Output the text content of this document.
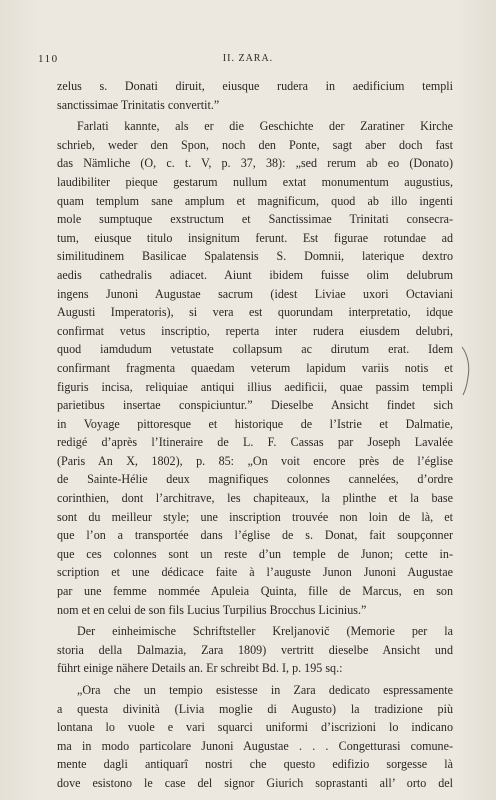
110	II. ZARA.
zelus s. Donati diruit, eiusque rudera in aedificium templi
sanctissimae Trinitatis convertit.”
Farlati kannte, als er die Geschichte der Zaratiner Kirche
schrieb, weder den Spon, noch den Ponte, sagt aber doch fast
das Nämliche (O, c. t. V, p. 37, 38): „sed rerum ab eo (Donato)
laudibiliter pieque gestarum nullum extat monumentum augustius,
quam templum sane amplum et magnificum, quod ab illo ingenti
mole sumptuque exstructum et Sanctissimae Trinitati consecra-
tum, eiusque titulo insignitum ferunt. Est figurae rotundae ad
similitudinem Basilicae Spalatensis S. Domnii, laterique dextro
aedis cathedralis adiacet. Aiunt ibidem fuisse olim delubrum
ingens Junoni Augustae sacrum (idest Liviae uxori Octaviani
Augusti Imperatoris), si vera est quorundam interpretatio, idque
confirmat vetus inscriptio, reperta inter rudera eiusdem delubri,
quod iamdudum vetustate collapsum ac dirutum erat. Idem
confirmant fragmenta quaedam veterum lapidum variis notis et
figuris incisa, reliquiae antiqui illius aedificii, quae passim templi
parietibus insertae conspiciuntur.” Dieselbe Ansicht findet sich
in Voyage pittoresque et historique de l’Istrie et Dalmatie,
redigé d’après l’Itineraire de L. F. Cassas par Joseph Lavalée
(Paris An X, 1802), p. 85: „On voit encore près de l’église
de Sainte-Hélie deux magnifiques colonnes cannelées, d’ordre
corinthien, dont l’architrave, les chapiteaux, la plinthe et la base
sont du meilleur style; une inscription trouvée non loin de là, et
que l’on a transportée dans l’église de s. Donat, fait soupçonner
que ces colonnes sont un reste d’un temple de Junon; cette in-
scription et une dédicace faite à l’auguste Junon Junoni Augustae
par une femme nommée Apuleia Quinta, fille de Marcus, en son
nom et en celui de son fils Lucius Turpilius Brocchus Licinius.”
Der einheimische Schriftsteller Kreljanovič (Memorie per la
storia della Dalmazia, Zara 1809) vertritt dieselbe Ansicht und
führt einige nähere Details an. Er schreibt Bd. I, p. 195 sq.:
„Ora che un tempio esistesse in Zara dedicato espressamente
a questa divinità (Livia moglie di Augusto) la tradizione più
lontana lo vuole e vari squarci uniformi d’iscrizioni lo indicano
ma in modo particolare Junoni Augustae . . . Congetturasi comune-
mente dagli antiquarî nostri che questo edifizio sorgesse là
dove esistono le case del signor Giurich soprastanti all’ orto del
